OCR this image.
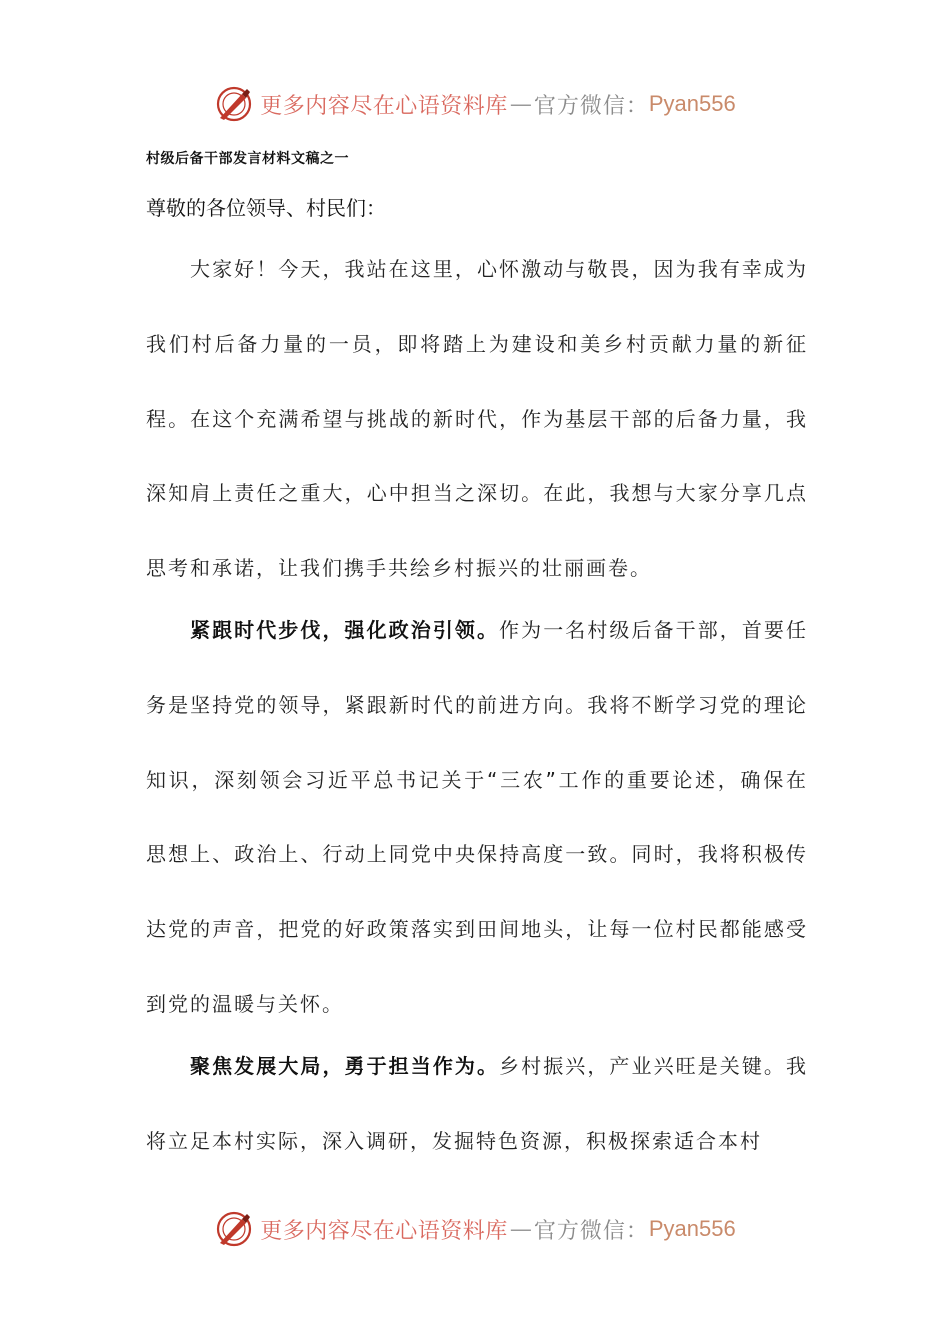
更多内容尽在心语资料库 — 官方微信： Pyan556
村级后备干部发言材料文稿之一
尊敬的各位领导、村民们：

大家好！今天，我站在这里，心怀激动与敬畏，因为我有幸成为我们村后备力量的一员，即将踏上为建设和美乡村贡献力量的新征程。在这个充满希望与挑战的新时代，作为基层干部的后备力量，我深知肩上责任之重大，心中担当之深切。在此，我想与大家分享几点思考和承诺，让我们携手共绘乡村振兴的壮丽画卷。

紧跟时代步伐，强化政治引领。作为一名村级后备干部，首要任务是坚持党的领导，紧跟新时代的前进方向。我将不断学习党的理论知识，深刻领会习近平总书记关于“三农”工作的重要论述，确保在思想上、政治上、行动上同党中央保持高度一致。同时，我将积极传达党的声音，把党的好政策落实到田间地头，让每一位村民都能感受到党的温暖与关怀。

聚焦发展大局，勇于担当作为。乡村振兴，产业兴旺是关键。我将立足本村实际，深入调研，发掘特色资源，积极探索适合本村

更多内容尽在心语资料库 — 官方微信： Pyan556
